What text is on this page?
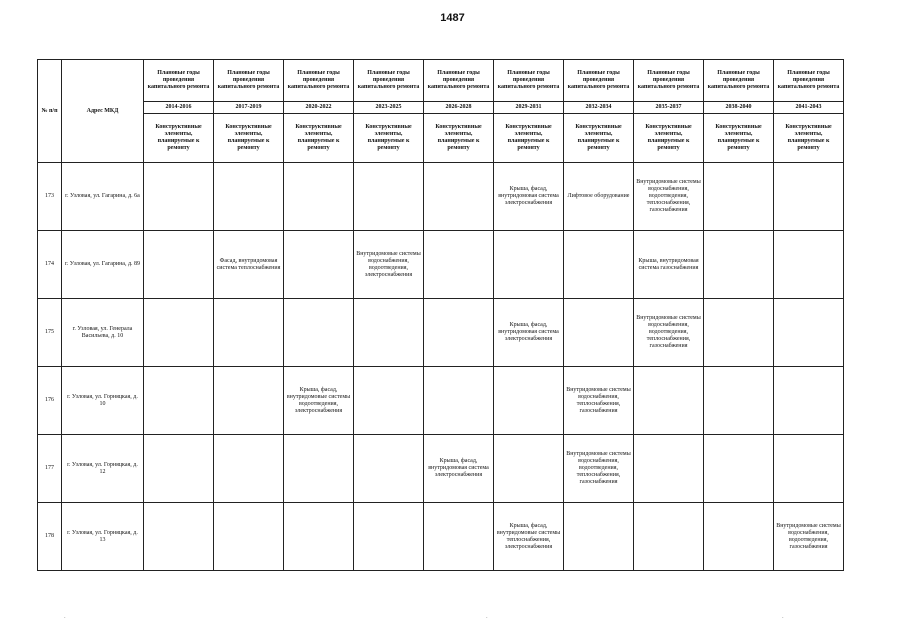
1487
№ п/п	Адрес МКД	Плановые годы проведения капитального ремонта	Плановые годы проведения капитального ремонта	Плановые годы проведения капитального ремонта	Плановые годы проведения капитального ремонта	Плановые годы проведения капитального ремонта	Плановые годы проведения капитального ремонта	Плановые годы проведения капитального ремонта	Плановые годы проведения капитального ремонта	Плановые годы проведения капитального ремонта	Плановые годы проведения капитального ремонта
		2014-2016	2017-2019	2020-2022	2023-2025	2026-2028	2029-2031	2032-2034	2035-2037	2038-2040	2041-2043
		Конструктивные элементы, планируемые к ремонту	Конструктивные элементы, планируемые к ремонту	Конструктивные элементы, планируемые к ремонту	Конструктивные элементы, планируемые к ремонту	Конструктивные элементы, планируемые к ремонту	Конструктивные элементы, планируемые к ремонту	Конструктивные элементы, планируемые к ремонту	Конструктивные элементы, планируемые к ремонту	Конструктивные элементы, планируемые к ремонту	Конструктивные элементы, планируемые к ремонту
173	г. Узловая, ул. Гагарина, д. 6а						Крыша, фасад, внутридомовая система электроснабжения	Лифтовое оборудование	Внутридомовые системы водоснабжения, водоотведения, теплоснабжения, газоснабжения		
174	г. Узловая, ул. Гагарина, д. 89		Фасад, внутридомовая система теплоснабжения		Внутридомовые системы водоснабжения, водоотведения, электроснабжения				Крыша, внутридомовая система газоснабжения		
175	г. Узловая, ул. Генерала Васильева, д. 10						Крыша, фасад, внутридомовая система электроснабжения		Внутридомовые системы водоснабжения, водоотведения, теплоснабжения, газоснабжения		
176	г. Узловая, ул. Горняцкая, д. 10			Крыша, фасад, внутридомовые системы водоотведения, электроснабжения				Внутридомовые системы водоснабжения, теплоснабжения, газоснабжения			
177	г. Узловая, ул. Горняцкая, д. 12					Крыша, фасад, внутридомовая система электроснабжения		Внутридомовые системы водоснабжения, водоотведения, теплоснабжения, газоснабжения			
178	г. Узловая, ул. Горняцкая, д. 13						Крыша, фасад, внутридомовые системы теплоснабжения, электроснабжения				Внутридомовые системы водоснабжения, водоотведения, газоснабжения
.	.	.
